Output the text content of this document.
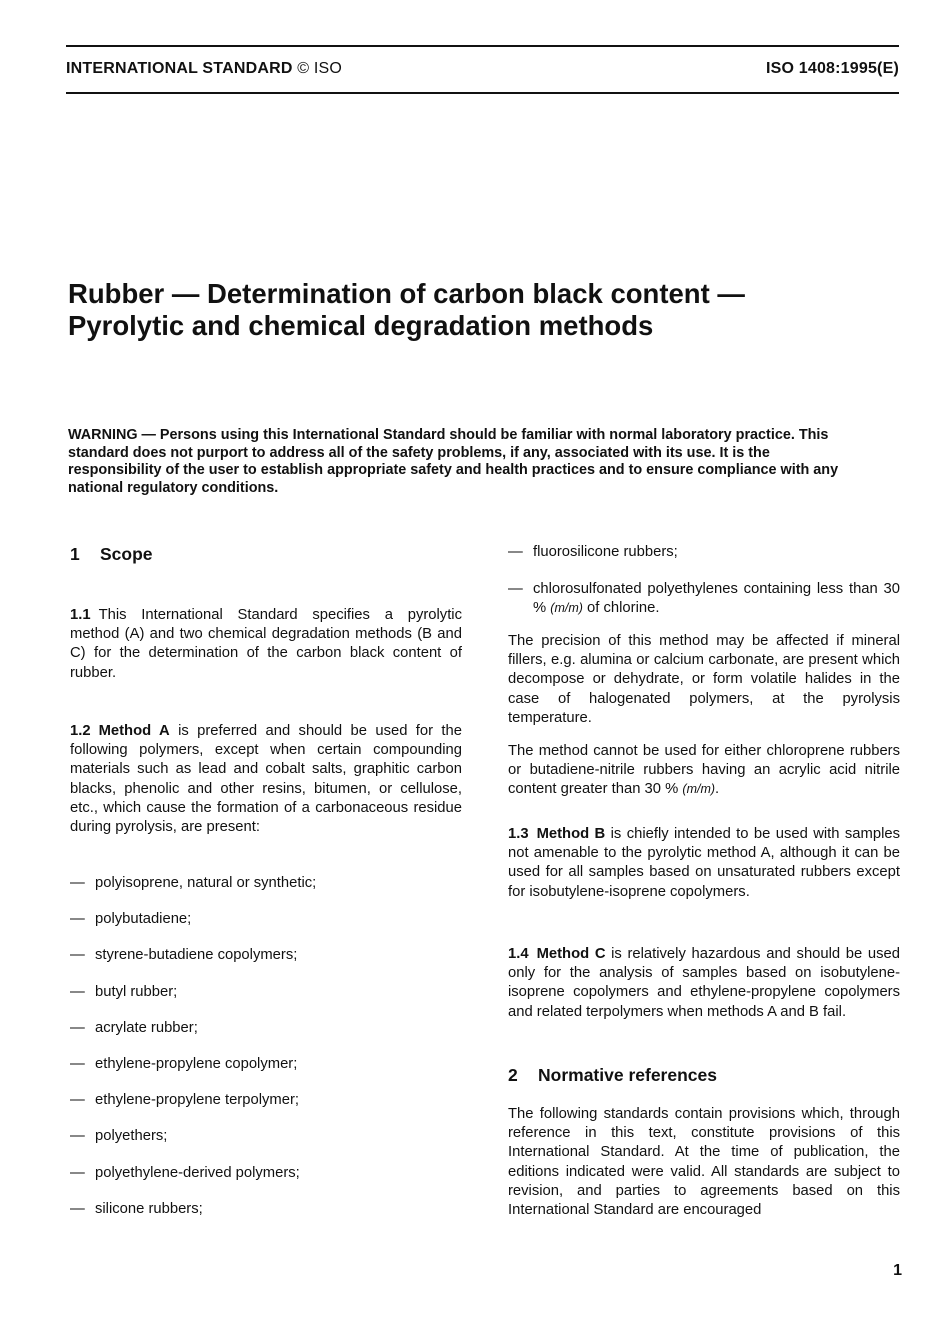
INTERNATIONAL STANDARD © ISO	ISO 1408:1995(E)
Rubber — Determination of carbon black content —
Pyrolytic and chemical degradation methods

WARNING — Persons using this International Standard should be familiar with normal laboratory practice. This standard does not purport to address all of the safety problems, if any, associated with its use. It is the responsibility of the user to establish appropriate safety and health practices and to ensure compliance with any national regulatory conditions.

1 Scope

1.1 This International Standard specifies a pyrolytic method (A) and two chemical degradation methods (B and C) for the determination of the carbon black content of rubber.

1.2 Method A is preferred and should be used for the following polymers, except when certain compounding materials such as lead and cobalt salts, graphitic carbon blacks, phenolic and other resins, bitumen, or cellulose, etc., which cause the formation of a carbonaceous residue during pyrolysis, are present:

— polyisoprene, natural or synthetic;
— polybutadiene;
— styrene-butadiene copolymers;
— butyl rubber;
— acrylate rubber;
— ethylene-propylene copolymer;
— ethylene-propylene terpolymer;
— polyethers;
— polyethylene-derived polymers;
— silicone rubbers;
— fluorosilicone rubbers;
— chlorosulfonated polyethylenes containing less than 30 % (m/m) of chlorine.

The precision of this method may be affected if mineral fillers, e.g. alumina or calcium carbonate, are present which decompose or dehydrate, or form volatile halides in the case of halogenated polymers, at the pyrolysis temperature.

The method cannot be used for either chloroprene rubbers or butadiene-nitrile rubbers having an acrylic acid nitrile content greater than 30 % (m/m).

1.3 Method B is chiefly intended to be used with samples not amenable to the pyrolytic method A, although it can be used for all samples based on unsaturated rubbers except for isobutylene-isoprene copolymers.

1.4 Method C is relatively hazardous and should be used only for the analysis of samples based on isobutylene-isoprene copolymers and ethylene-propylene copolymers and related terpolymers when methods A and B fail.

2 Normative references

The following standards contain provisions which, through reference in this text, constitute provisions of this International Standard. At the time of publication, the editions indicated were valid. All standards are subject to revision, and parties to agreements based on this International Standard are encouraged

1
